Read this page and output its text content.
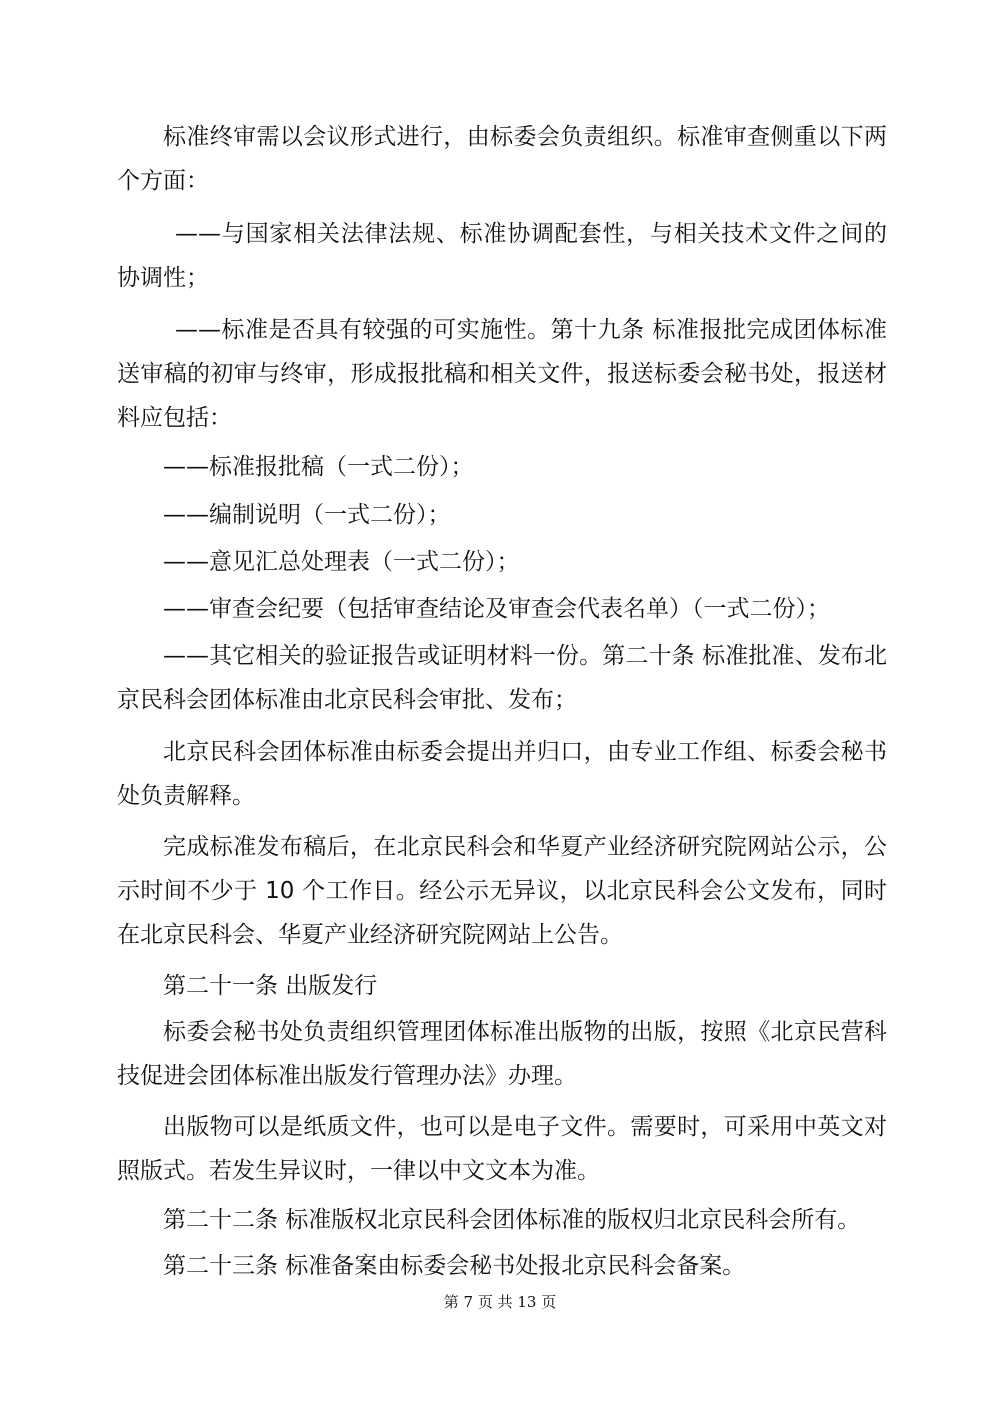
标准终审需以会议形式进行，由标委会负责组织。标准审查侧重以下两个方面：

——与国家相关法律法规、标准协调配套性，与相关技术文件之间的协调性；

——标准是否具有较强的可实施性。第十九条 标准报批完成团体标准送审稿的初审与终审，形成报批稿和相关文件，报送标委会秘书处，报送材料应包括：

——标准报批稿（一式二份）；

——编制说明（一式二份）；

——意见汇总处理表（一式二份）；

——审查会纪要（包括审查结论及审查会代表名单）（一式二份）；

——其它相关的验证报告或证明材料一份。第二十条 标准批准、发布北京民科会团体标准由北京民科会审批、发布；

北京民科会团体标准由标委会提出并归口，由专业工作组、标委会秘书处负责解释。

完成标准发布稿后，在北京民科会和华夏产业经济研究院网站公示，公示时间不少于 10 个工作日。经公示无异议，以北京民科会公文发布，同时在北京民科会、华夏产业经济研究院网站上公告。

第二十一条 出版发行

标委会秘书处负责组织管理团体标准出版物的出版，按照《北京民营科技促进会团体标准出版发行管理办法》办理。

出版物可以是纸质文件，也可以是电子文件。需要时，可采用中英文对照版式。若发生异议时，一律以中文文本为准。

第二十二条 标准版权北京民科会团体标准的版权归北京民科会所有。

第二十三条 标准备案由标委会秘书处报北京民科会备案。

第 7 页 共 13 页
